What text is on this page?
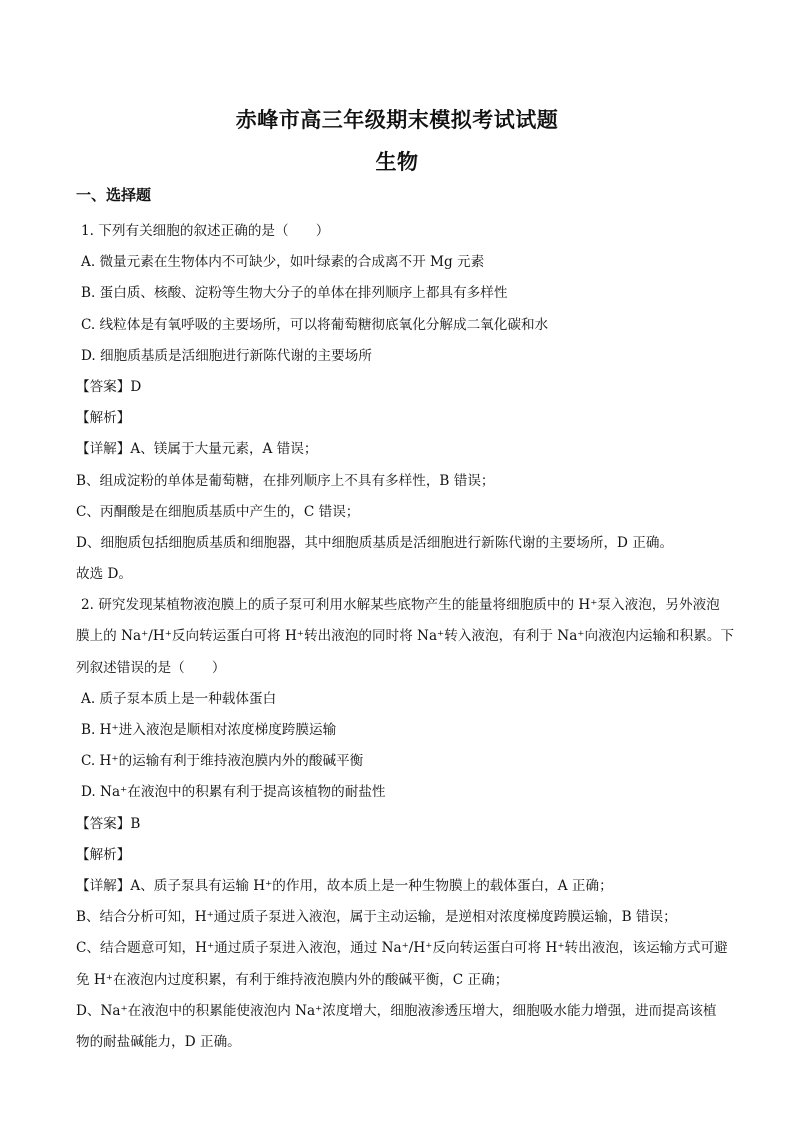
赤峰市高三年级期末模拟考试试题
生物
一、选择题
1. 下列有关细胞的叙述正确的是（　　）
A. 微量元素在生物体内不可缺少，如叶绿素的合成离不开 Mg 元素
B. 蛋白质、核酸、淀粉等生物大分子的单体在排列顺序上都具有多样性
C. 线粒体是有氧呼吸的主要场所，可以将葡萄糖彻底氧化分解成二氧化碳和水
D. 细胞质基质是活细胞进行新陈代谢的主要场所
【答案】D
【解析】
【详解】A、镁属于大量元素，A 错误；
B、组成淀粉的单体是葡萄糖，在排列顺序上不具有多样性，B 错误；
C、丙酮酸是在细胞质基质中产生的，C 错误；
D、细胞质包括细胞质基质和细胞器，其中细胞质基质是活细胞进行新陈代谢的主要场所，D 正确。
故选 D。
2. 研究发现某植物液泡膜上的质子泵可利用水解某些底物产生的能量将细胞质中的 H⁺泵入液泡，另外液泡
膜上的 Na⁺/H⁺反向转运蛋白可将 H⁺转出液泡的同时将 Na⁺转入液泡，有利于 Na⁺向液泡内运输和积累。下
列叙述错误的是（　　）
A. 质子泵本质上是一种载体蛋白
B. H⁺进入液泡是顺相对浓度梯度跨膜运输
C. H⁺的运输有利于维持液泡膜内外的酸碱平衡
D. Na⁺在液泡中的积累有利于提高该植物的耐盐性
【答案】B
【解析】
【详解】A、质子泵具有运输 H⁺的作用，故本质上是一种生物膜上的载体蛋白，A 正确；
B、结合分析可知，H⁺通过质子泵进入液泡，属于主动运输，是逆相对浓度梯度跨膜运输，B 错误；
C、结合题意可知，H⁺通过质子泵进入液泡，通过 Na⁺/H⁺反向转运蛋白可将 H⁺转出液泡，该运输方式可避
免 H⁺在液泡内过度积累，有利于维持液泡膜内外的酸碱平衡，C 正确；
D、Na⁺在液泡中的积累能使液泡内 Na⁺浓度增大，细胞液渗透压增大，细胞吸水能力增强，进而提高该植
物的耐盐碱能力，D 正确。
